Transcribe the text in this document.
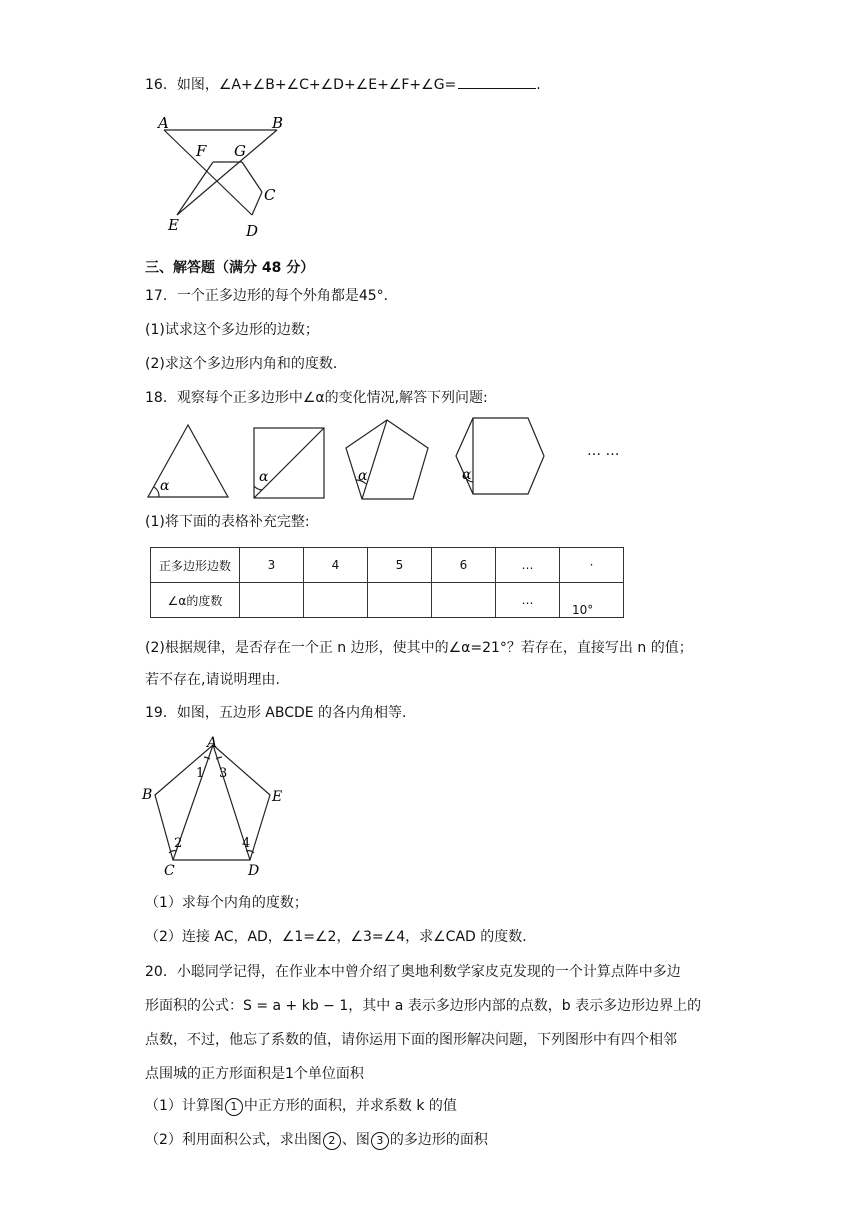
16．如图，∠A+∠B+∠C+∠D+∠E+∠F+∠G=	.
A	B
C
D
E
F G
三、解答题（满分 48 分）
17．一个正多边形的每个外角都是45°．
(1)试求这个多边形的边数；
(2)求这个多边形内角和的度数．
18．观察每个正多边形中∠α的变化情况,解答下列问题:
α
α	α	α
… …
(1)将下面的表格补充完整:
正多边形边数	3	4	5	6	…	·
∠α的度数					…	10°
(2)根据规律，是否存在一个正 n 边形，使其中的∠α=21°？若存在，直接写出 n 的值；
若不存在,请说明理由.
19．如图，五边形 ABCDE 的各内角相等．
A
B
C	D
E
1 3
2	4
（1）求每个内角的度数；
（2）连接 AC，AD，∠1=∠2，∠3=∠4，求∠CAD 的度数．
20．小聪同学记得，在作业本中曾介绍了奥地利数学家皮克发现的一个计算点阵中多边
形面积的公式：S = a + kb − 1，其中 a 表示多边形内部的点数，b 表示多边形边界上的
点数，不过，他忘了系数的值，请你运用下面的图形解决问题，下列图形中有四个相邻
点围城的正方形面积是1个单位面积
（1）计算图 1 中正方形的面积，并求系数 k 的值
（2）利用面积公式，求出图 2 、图 3 的多边形的面积
